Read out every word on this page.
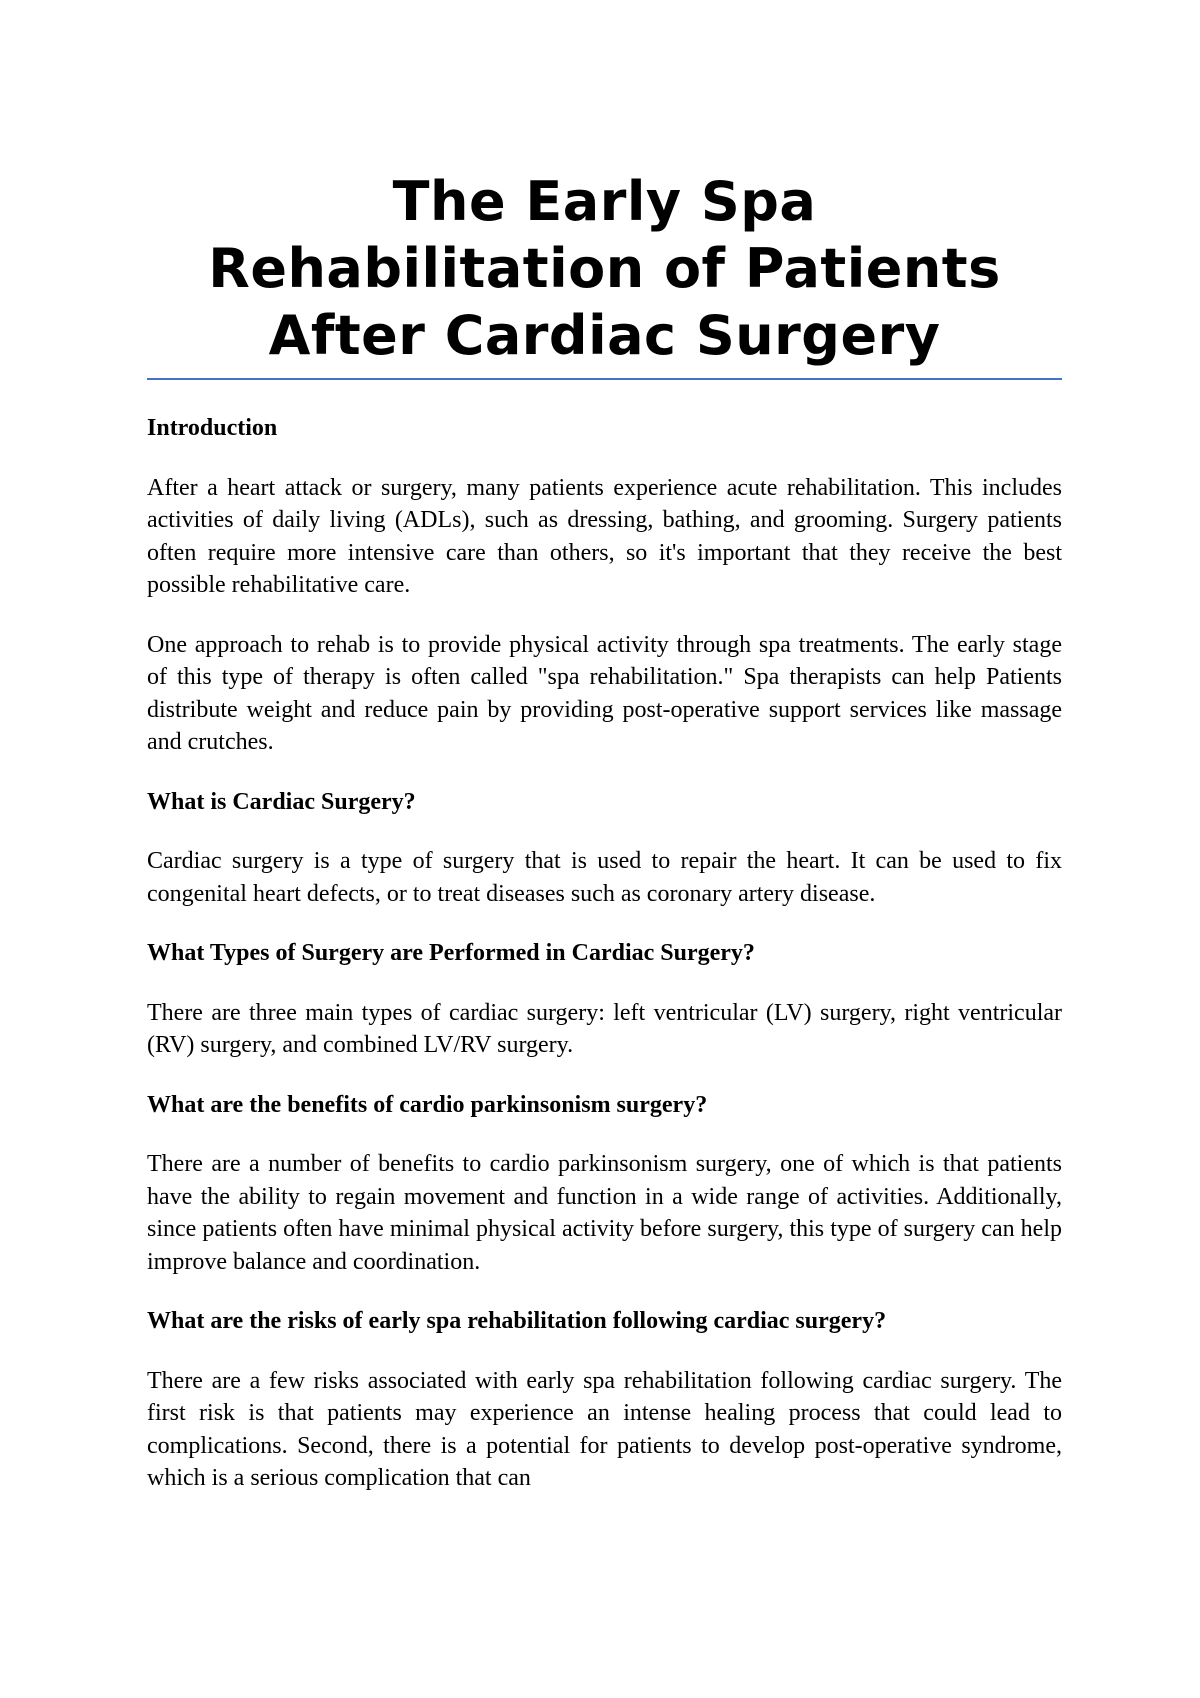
The Early Spa
Rehabilitation of Patients
After Cardiac Surgery

Introduction

After a heart attack or surgery, many patients experience acute rehabilitation. This includes activities of daily living (ADLs), such as dressing, bathing, and grooming. Surgery patients often require more intensive care than others, so it's important that they receive the best possible rehabilitative care.

One approach to rehab is to provide physical activity through spa treatments. The early stage of this type of therapy is often called "spa rehabilitation." Spa therapists can help Patients distribute weight and reduce pain by providing post-operative support services like massage and crutches.

What is Cardiac Surgery?

Cardiac surgery is a type of surgery that is used to repair the heart. It can be used to fix congenital heart defects, or to treat diseases such as coronary artery disease.

What Types of Surgery are Performed in Cardiac Surgery?

There are three main types of cardiac surgery: left ventricular (LV) surgery, right ventricular (RV) surgery, and combined LV/RV surgery.

What are the benefits of cardio parkinsonism surgery?

There are a number of benefits to cardio parkinsonism surgery, one of which is that patients have the ability to regain movement and function in a wide range of activities. Additionally, since patients often have minimal physical activity before surgery, this type of surgery can help improve balance and coordination.

What are the risks of early spa rehabilitation following cardiac surgery?

There are a few risks associated with early spa rehabilitation following cardiac surgery. The first risk is that patients may experience an intense healing process that could lead to complications. Second, there is a potential for patients to develop post-operative syndrome, which is a serious complication that can
